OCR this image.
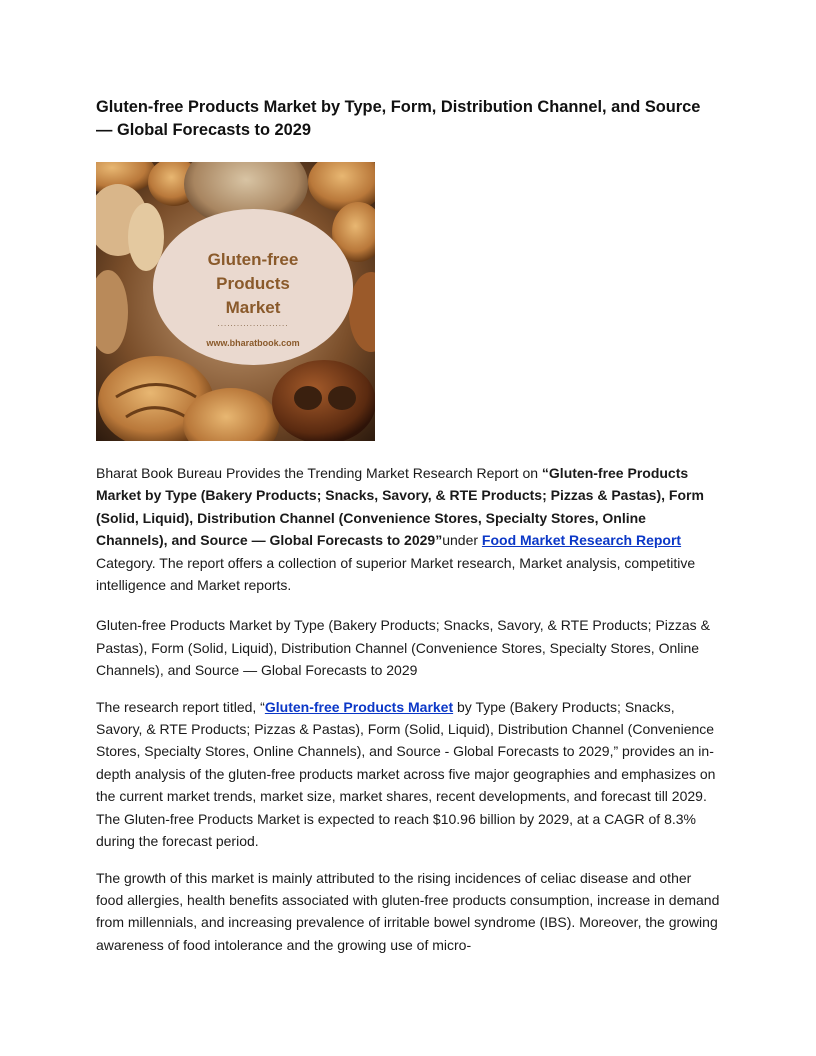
Gluten-free Products Market by Type, Form, Distribution Channel, and Source — Global Forecasts to 2029
Gluten-free
Products
Market
......................
www.bharatbook.com

Bharat Book Bureau Provides the Trending Market Research Report on “Gluten-free Products Market by Type (Bakery Products; Snacks, Savory, & RTE Products; Pizzas & Pastas), Form (Solid, Liquid), Distribution Channel (Convenience Stores, Specialty Stores, Online Channels), and Source — Global Forecasts to 2029”under Food Market Research Report Category. The report offers a collection of superior Market research, Market analysis, competitive intelligence and Market reports.

Gluten-free Products Market by Type (Bakery Products; Snacks, Savory, & RTE Products; Pizzas & Pastas), Form (Solid, Liquid), Distribution Channel (Convenience Stores, Specialty Stores, Online Channels), and Source — Global Forecasts to 2029

The research report titled, “Gluten-free Products Market by Type (Bakery Products; Snacks, Savory, & RTE Products; Pizzas & Pastas), Form (Solid, Liquid), Distribution Channel (Convenience Stores, Specialty Stores, Online Channels), and Source - Global Forecasts to 2029,” provides an in-depth analysis of the gluten-free products market across five major geographies and emphasizes on the current market trends, market size, market shares, recent developments, and forecast till 2029. The Gluten-free Products Market is expected to reach $10.96 billion by 2029, at a CAGR of 8.3% during the forecast period.

The growth of this market is mainly attributed to the rising incidences of celiac disease and other food allergies, health benefits associated with gluten-free products consumption, increase in demand from millennials, and increasing prevalence of irritable bowel syndrome (IBS). Moreover, the growing awareness of food intolerance and the growing use of micro-
